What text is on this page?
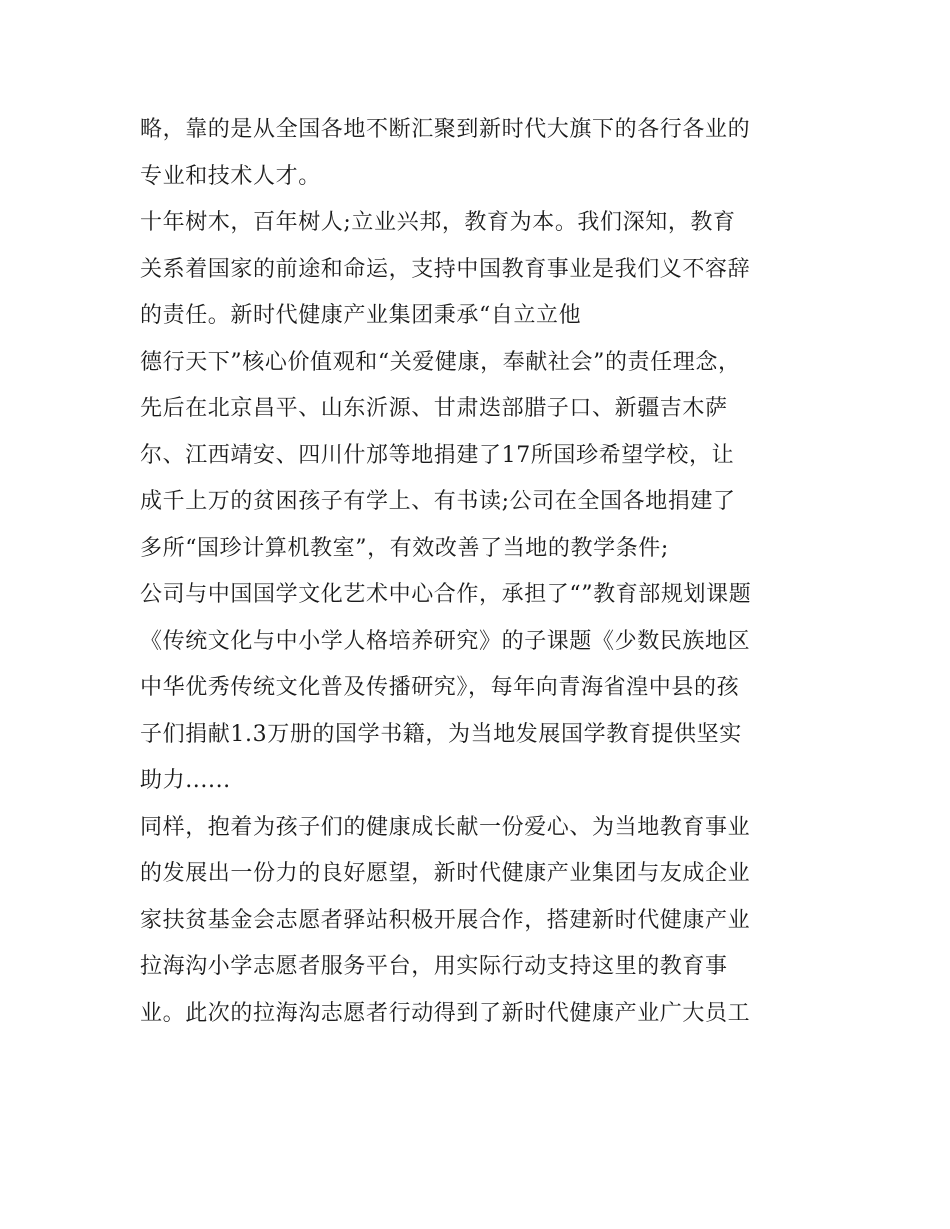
略，靠的是从全国各地不断汇聚到新时代大旗下的各行各业的
专业和技术人才。
十年树木，百年树人;立业兴邦，教育为本。我们深知，教育
关系着国家的前途和命运，支持中国教育事业是我们义不容辞
的责任。新时代健康产业集团秉承“自立立他
德行天下”核心价值观和“关爱健康，奉献社会”的责任理念，
先后在北京昌平、山东沂源、甘肃迭部腊子口、新疆吉木萨
尔、江西靖安、四川什邡等地捐建了17所国珍希望学校，让
成千上万的贫困孩子有学上、有书读;公司在全国各地捐建了
多所“国珍计算机教室”，有效改善了当地的教学条件;
公司与中国国学文化艺术中心合作，承担了“”教育部规划课题
《传统文化与中小学人格培养研究》的子课题《少数民族地区
中华优秀传统文化普及传播研究》，每年向青海省湟中县的孩
子们捐献1.3万册的国学书籍，为当地发展国学教育提供坚实
助力......
同样，抱着为孩子们的健康成长献一份爱心、为当地教育事业
的发展出一份力的良好愿望，新时代健康产业集团与友成企业
家扶贫基金会志愿者驿站积极开展合作，搭建新时代健康产业
拉海沟小学志愿者服务平台，用实际行动支持这里的教育事
业。此次的拉海沟志愿者行动得到了新时代健康产业广大员工
